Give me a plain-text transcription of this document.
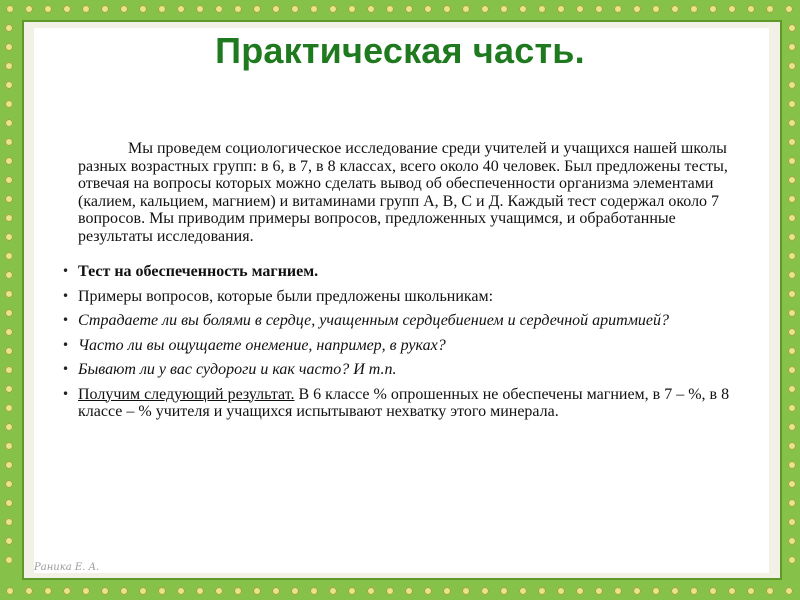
Практическая часть.

Мы проведем социологическое исследование среди учителей и учащихся нашей школы разных возрастных групп: в 6, в 7, в 8 классах, всего около 40 человек. Был предложены тесты, отвечая на вопросы которых можно сделать вывод об обеспеченности организма элементами (калием, кальцием, магнием) и витаминами групп А, В, С и Д. Каждый тест содержал около 7 вопросов. Мы приводим примеры вопросов, предложенных учащимся, и обработанные результаты исследования.

• Тест на обеспеченность магнием.
• Примеры вопросов, которые были предложены школьникам:
• Страдаете ли вы болями в сердце, учащенным сердцебиением и сердечной аритмией?
• Часто ли вы ощущаете онемение, например, в руках?
• Бывают ли у вас судороги и как часто? И т.п.
• Получим следующий результат. В 6 классе % опрошенных не обеспечены магнием, в 7 – %, в 8 классе – % учителя и учащихся испытывают нехватку этого минерала.
Ρаника Е. А.
